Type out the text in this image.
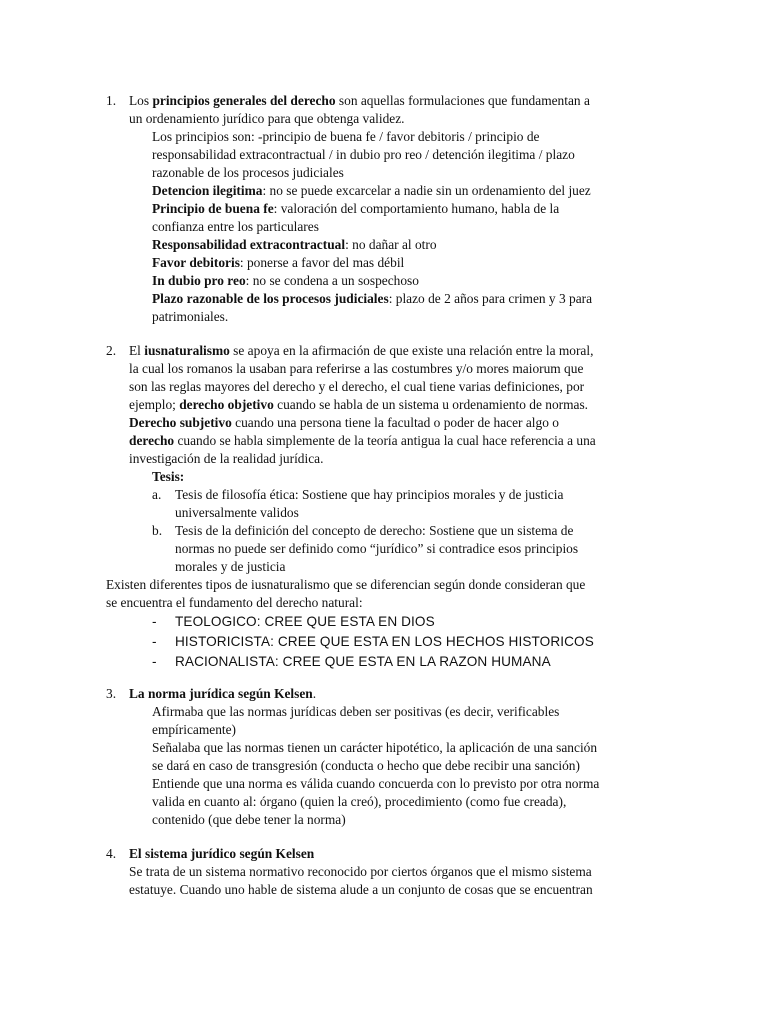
1. Los principios generales del derecho son aquellas formulaciones que fundamentan a
un ordenamiento jurídico para que obtenga validez.
Los principios son: -principio de buena fe / favor debitoris / principio de
responsabilidad extracontractual / in dubio pro reo / detención ilegitima / plazo
razonable de los procesos judiciales
Detencion ilegitima: no se puede excarcelar a nadie sin un ordenamiento del juez
Principio de buena fe: valoración del comportamiento humano, habla de la
confianza entre los particulares
Responsabilidad extracontractual: no dañar al otro
Favor debitoris: ponerse a favor del mas débil
In dubio pro reo: no se condena a un sospechoso
Plazo razonable de los procesos judiciales: plazo de 2 años para crimen y 3 para
patrimoniales.
2. El iusnaturalismo se apoya en la afirmación de que existe una relación entre la moral,
la cual los romanos la usaban para referirse a las costumbres y/o mores maiorum que
son las reglas mayores del derecho y el derecho, el cual tiene varias definiciones, por
ejemplo; derecho objetivo cuando se habla de un sistema u ordenamiento de normas.
Derecho subjetivo cuando una persona tiene la facultad o poder de hacer algo o
derecho cuando se habla simplemente de la teoría antigua la cual hace referencia a una
investigación de la realidad jurídica.
Tesis:
a. Tesis de filosofía ética: Sostiene que hay principios morales y de justicia
universalmente validos
b. Tesis de la definición del concepto de derecho: Sostiene que un sistema de
normas no puede ser definido como “jurídico” si contradice esos principios
morales y de justicia
Existen diferentes tipos de iusnaturalismo que se diferencian según donde consideran que
se encuentra el fundamento del derecho natural:
- TEOLOGICO: CREE QUE ESTA EN DIOS
- HISTORICISTA: CREE QUE ESTA EN LOS HECHOS HISTORICOS
- RACIONALISTA: CREE QUE ESTA EN LA RAZON HUMANA
3. La norma jurídica según Kelsen.
Afirmaba que las normas jurídicas deben ser positivas (es decir, verificables
empíricamente)
Señalaba que las normas tienen un carácter hipotético, la aplicación de una sanción
se dará en caso de transgresión (conducta o hecho que debe recibir una sanción)
Entiende que una norma es válida cuando concuerda con lo previsto por otra norma
valida en cuanto al: órgano (quien la creó), procedimiento (como fue creada),
contenido (que debe tener la norma)
4. El sistema jurídico según Kelsen
Se trata de un sistema normativo reconocido por ciertos órganos que el mismo sistema
estatuye. Cuando uno hable de sistema alude a un conjunto de cosas que se encuentran
